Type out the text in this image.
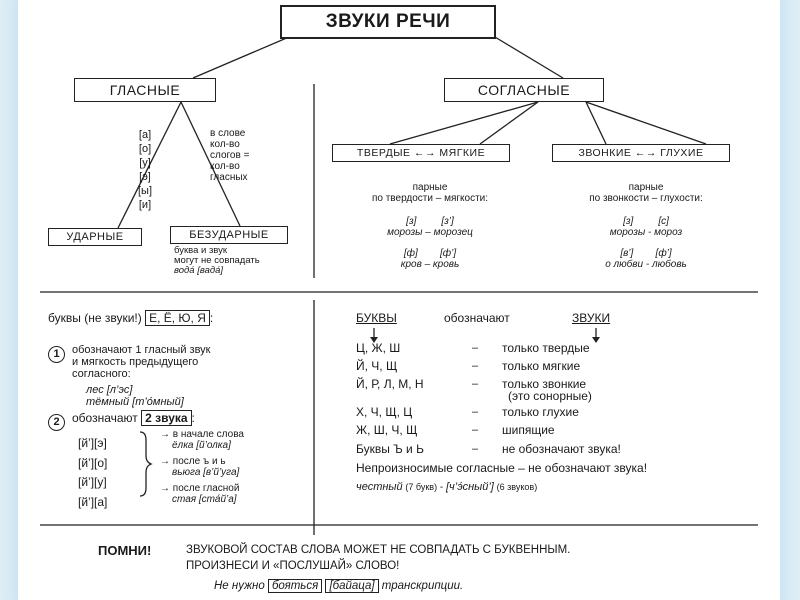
ЗВУКИ РЕЧИ
ГЛАСНЫЕ
[а]
[о]
[у]
[э]
[ы]
[и]
в слове
кол-во
слогов =
кол-во
гласных
УДАРНЫЕ	БЕЗУДАРНЫЕ
буква и звук
могут не совпадать
вода́ [вада́]
СОГЛАСНЫЕ
ТВЕРДЫЕ ←→ МЯГКИЕ	ЗВОНКИЕ ←→ ГЛУХИЕ
парные
по твердости – мягкости:
[з]         [з’]
морозы – морозец
[ф]        [ф’]
кров – кровь
парные
по звонкости – глухости:
[з]         [с]
морозы - мороз
[в’]        [ф’]
о любви - любовь
буквы (не звуки!) Е, Ё, Ю, Я :
1	обозначают 1 гласный звук
и мягкость предыдущего
согласного:
лес [л’эс]
тёмный [т’о́мный]
2	обозначают 2 звука :
[й’][э]
[й’][о]
[й’][у]
[й’][а]
→ в начале слова
ёлка [й’олка]
→ после ъ и ь
вьюга [в’й’уга]
→ после гласной
стая [ста́й’а]
БУКВЫ	обозначают	ЗВУКИ
Ц, Ж, Ш	– только твердые
Й, Ч, Щ	– только мягкие
Й, Р, Л, М, Н	– только звонкие
(это сонорные)
Х, Ч, Щ, Ц	– только глухие
Ж, Ш, Ч, Щ	– шипящие
Буквы Ъ и Ь	– не обозначают звука!
Непроизносимые согласные – не обозначают звука!
честный (7 букв) - [ч’э́сный’] (6 звуков)
ПОМНИ!	ЗВУКОВОЙ СОСТАВ СЛОВА МОЖЕТ НЕ СОВПАДАТЬ С БУКВЕННЫМ.
ПРОИЗНЕСИ И «ПОСЛУШАЙ» СЛОВО!
Не нужно бояться [байаца] транскрипции.
